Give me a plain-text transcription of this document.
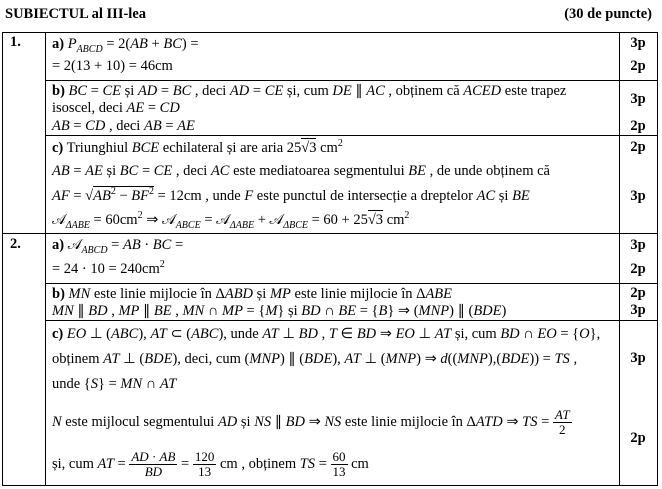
SUBIECTUL al III-lea	(30 de puncte)
1.
2.
a) $P_{ABCD} = 2(AB + BC)$ =
= 2(13 + 10) = 46cm
3p
2p
b) BC = CE și AD = BC , deci AD = CE și, cum DE ∥ AC , obținem că ACED este trapez
isoscel, deci AE = CD
AB = CD , deci AB = AE
3p
2p
c) Triunghiul BCE echilateral și are aria 25√3 $cm^2$
AB = AE și BC = CE , deci AC este mediatoarea segmentului BE , de unde obținem că
AF = $√AB^2 - BF^2 = 12cm$ , unde F este punctul de intersecție a dreptelor AC și BE
𝒜$_{\Delta ABE}$ = $60cm^2$ ⇒ 𝒜$_{ABCE}$ = 𝒜$_{\Delta ABE}$ + 𝒜$_{\Delta BCE}$ = 60 + 25√3 $cm^2$
2p
3p
a) 𝒜$_{ABCD}$ = AB · BC =
= $24 \cdot 10 = 240cm^2$
3p
2p
b) MN este linie mijlocie în ΔABD și MP este linie mijlocie în ΔABE
MN ∥ BD , MP ∥ BE , MN ∩ MP = {M} și BD ∩ BE = {B} ⇒ (MNP) ∥ (BDE)
2p
3p
c) EO ⊥ (ABC), AT ⊂ (ABC), unde AT ⊥ BD , T ∈ BD ⇒ EO ⊥ AT și, cum BD ∩ EO = {O},
obținem AT ⊥ (BDE), deci, cum (MNP) ∥ (BDE), AT ⊥ (MNP) ⇒ d((MNP),(BDE)) = TS ,
unde {S} = MN ∩ AT
N este mijlocul segmentului AD și NS ∥ BD ⇒ NS este linie mijlocie în ΔATD ⇒ TS = $\frac{AT}{2}$
și, cum AT = $\frac{AD \cdot AB}{BD} = \frac{120}{13}$ cm , obținem TS = $\frac{60}{13}$ cm
3p
2p
